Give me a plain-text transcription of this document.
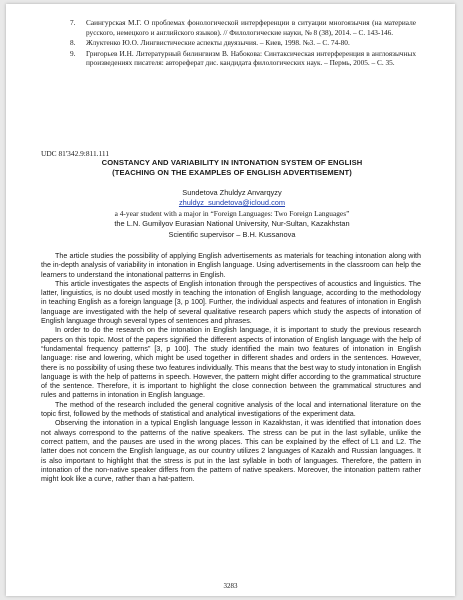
7. Саингурская М.Г. О проблемах фонологической интерференции в ситуации многоязычия (на материале русского, немецкого и английского языков). // Филологические науки, № 8 (38), 2014. – С. 143-146.
8. Жлуктенко Ю.О. Лингвистические аспекты двуязычия. – Киев, 1998. №3. – С. 74-80.
9. Григорьев И.Н. Литературный билингвизм В. Набокова: Синтаксическая интерференция в англоязычных произведениях писателя: автореферат дис. кандидата филологических наук. – Пермь, 2005. – С. 35.
UDC 81'342.9:811.111
CONSTANCY AND VARIABILITY IN INTONATION SYSTEM OF ENGLISH
(TEACHING ON THE EXAMPLES OF ENGLISH ADVERTISEMENT)
Sundetova Zhuldyz Anvarqyzy
zhuldyz_sundetova@icloud.com
a 4-year student with a major in “Foreign Languages: Two Foreign Languages”
the L.N. Gumilyov Eurasian National University, Nur-Sultan, Kazakhstan
Scientific supervisor – B.H. Kussanova

The article studies the possibility of applying English advertisements as materials for teaching intonation along with the in-depth analysis of variability in intonation in English language. Using advertisements in the classroom can help the learners to understand the intonational patterns in English.

This article investigates the aspects of English intonation through the perspectives of acoustics and linguistics. The latter, linguistics, is no doubt used mostly in teaching the intonation of English language, according to the methodology in teaching English as a foreign language [3, p 100]. Further, the individual aspects and features of intonation in English language are investigated with the help of several qualitative research papers which study the aspects of intonation of English language through several types of sentences and phrases.

In order to do the research on the intonation in English language, it is important to study the previous research papers on this topic. Most of the papers signified the different aspects of intonation of English language with the help of “fundamental frequency patterns” [3, p 100]. The study identified the main two features of intonation in English language: rise and lowering, which might be used together in different shades and orders in the sentences. However, there is no possibility of using these two features individually. This means that the best way to study intonation in English language is with the help of patterns in speech. However, the pattern might differ according to the grammatical structure of the sentence. Therefore, it is important to highlight the close connection between the grammatical structures and rules and patterns in intonation in English language.

The method of the research included the general cognitive analysis of the local and international literature on the topic first, followed by the methods of statistical and analytical investigations of the experiment data.

Observing the intonation in a typical English language lesson in Kazakhstan, it was identified that intonation does not always correspond to the patterns of the native speakers. The stress can be put in the last syllable, unlike the correct pattern, and the pauses are used in the wrong places. This can be explained by the effect of L1 and L2. The latter does not concern the English language, as our country utilizes 2 languages of Kazakh and Russian languages. It is also important to highlight that the stress is put in the last syllable in both of languages. Therefore, the pattern in intonation of the non-native speaker differs from the pattern of native speakers. Moreover, the intonation pattern rather might look like a curve, rather than a hat-pattern.

3283
